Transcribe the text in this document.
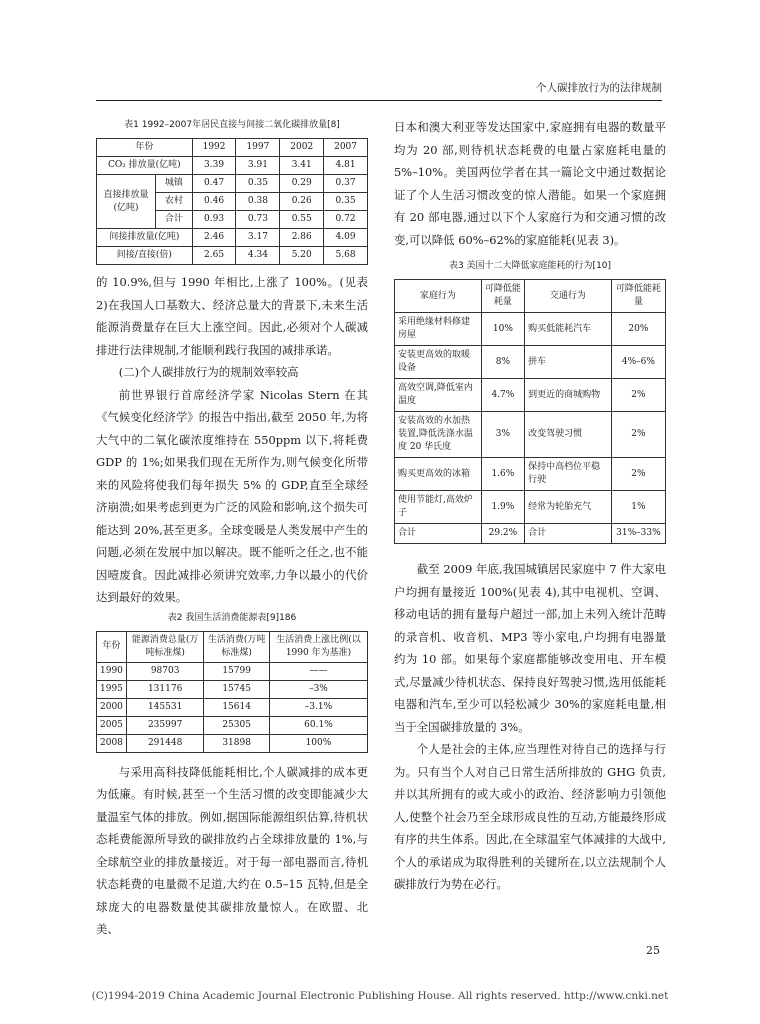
个人碳排放行为的法律规制
表1 1992–2007年居民直接与间接二氧化碳排放量[8]
年份		1992	1997	2002	2007
CO₂ 排放量(亿吨)		3.39	3.91	3.41	4.81
直接排放量(亿吨)	城镇	0.47	0.35	0.29	0.37
	农村	0.46	0.38	0.26	0.35
	合计	0.93	0.73	0.55	0.72
间接排放量(亿吨)		2.46	3.17	2.86	4.09
间接/直接(倍)		2.65	4.34	5.20	5.68

的 10.9%,但与 1990 年相比,上涨了 100%。(见表 2)在我国人口基数大、经济总量大的背景下,未来生活能源消费量存在巨大上涨空间。因此,必须对个人碳减排进行法律规制,才能顺利践行我国的减排承诺。

(二)个人碳排放行为的规制效率较高

前世界银行首席经济学家 Nicolas Stern 在其《气候变化经济学》的报告中指出,截至 2050 年,为将大气中的二氧化碳浓度维持在 550ppm 以下,将耗费 GDP 的 1%;如果我们现在无所作为,则气候变化所带来的风险将使我们每年损失 5% 的 GDP,直至全球经济崩溃;如果考虑到更为广泛的风险和影响,这个损失可能达到 20%,甚至更多。全球变暖是人类发展中产生的问题,必须在发展中加以解决。既不能听之任之,也不能因噎废食。因此减排必须讲究效率,力争以最小的代价达到最好的效果。

表2 我国生活消费能源表[9]186
年份	能源消费总量(万吨标准煤)	生活消费(万吨标准煤)	生活消费上涨比例(以 1990 年为基准)
1990	98703	15799	——
1995	131176	15745	–3%
2000	145531	15614	–3.1%
2005	235997	25305	60.1%
2008	291448	31898	100%

与采用高科技降低能耗相比,个人碳减排的成本更为低廉。有时候,甚至一个生活习惯的改变即能减少大量温室气体的排放。例如,据国际能源组织估算,待机状态耗费能源所导致的碳排放约占全球排放量的 1%,与全球航空业的排放量接近。对于每一部电器而言,待机状态耗费的电量微不足道,大约在 0.5–15 瓦特,但是全球庞大的电器数量使其碳排放量惊人。在欧盟、北美、

日本和澳大利亚等发达国家中,家庭拥有电器的数量平均为 20 部,则待机状态耗费的电量占家庭耗电量的 5%–10%。美国两位学者在其一篇论文中通过数据论证了个人生活习惯改变的惊人潜能。如果一个家庭拥有 20 部电器,通过以下个人家庭行为和交通习惯的改变,可以降低 60%–62%的家庭能耗(见表 3)。

表3 美国十二大降低家庭能耗的行为[10]
家庭行为	可降低能耗量	交通行为	可降低能耗量
采用绝缘材料修建房屋	10%	购买低能耗汽车	20%
安装更高效的取暖设备	8%	拼车	4%–6%
高效空调,降低室内温度	4.7%	到更近的商城购物	2%
安装高效的水加热装置,降低洗涤水温度 20 华氏度	3%	改变驾驶习惯	2%
购买更高效的冰箱	1.6%	保持中高档位平稳行驶	2%
使用节能灯,高效炉子	1.9%	经常为轮胎充气	1%
合计	29.2%	合计	31%–33%

截至 2009 年底,我国城镇居民家庭中 7 件大家电户均拥有量接近 100%(见表 4),其中电视机、空调、移动电话的拥有量每户超过一部,加上未列入统计范畴的录音机、收音机、MP3 等小家电,户均拥有电器量约为 10 部。如果每个家庭都能够改变用电、开车模式,尽量减少待机状态、保持良好驾驶习惯,选用低能耗电器和汽车,至少可以轻松减少 30%的家庭耗电量,相当于全国碳排放量的 3%。

个人是社会的主体,应当理性对待自己的选择与行为。只有当个人对自己日常生活所排放的 GHG 负责,并以其所拥有的或大或小的政治、经济影响力引领他人,使整个社会乃至全球形成良性的互动,方能最终形成有序的共生体系。因此,在全球温室气体减排的大战中,个人的承诺成为取得胜利的关键所在,以立法规制个人碳排放行为势在必行。

25
(C)1994-2019 China Academic Journal Electronic Publishing House. All rights reserved. http://www.cnki.net
